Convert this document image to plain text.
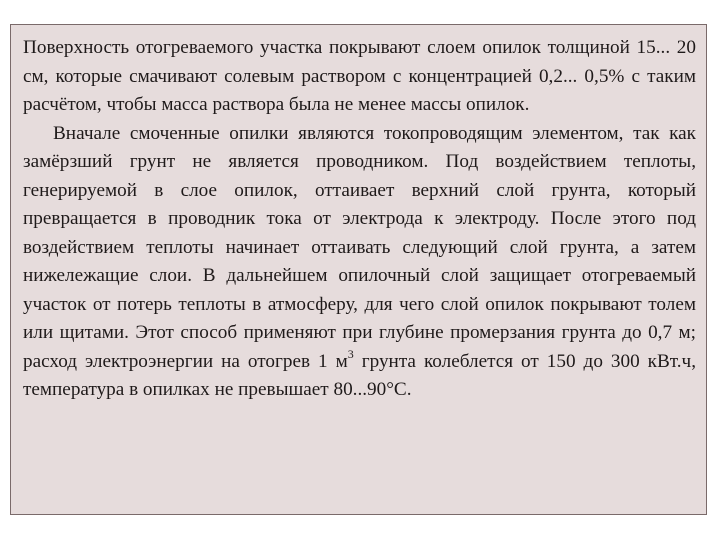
Поверхность отогреваемого участка покрывают слоем опилок толщиной 15... 20 см, которые смачивают солевым раствором с концентрацией 0,2... 0,5% с таким расчётом, чтобы масса раствора была не менее массы опилок.

Вначале смоченные опилки являются токопроводящим элементом, так как замёрзший грунт не является проводником. Под воздействием теплоты, генерируемой в слое опилок, оттаивает верхний слой грунта, который превращается в проводник тока от электрода к электроду. После этого под воздействием теплоты начинает оттаивать следующий слой грунта, а затем нижележащие слои. В дальнейшем опилочный слой защищает отогреваемый участок от потерь теплоты в атмосферу, для чего слой опилок покрывают толем или щитами. Этот способ применяют при глубине промерзания грунта до 0,7 м; расход электроэнергии на отогрев 1 $м^3$ грунта колеблется от 150 до 300 кВт.ч, температура в опилках не превышает 80...90°С.
